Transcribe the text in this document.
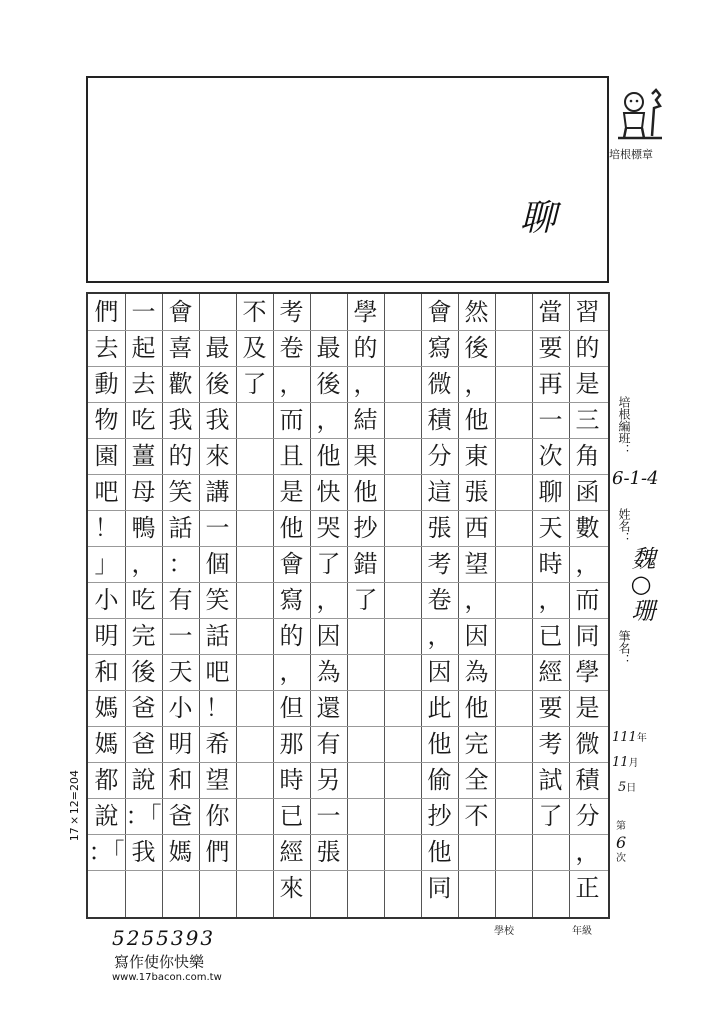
聊
培根標章
習
的
是
三
角
函
數
，
而
同
學
是
微
積
分
，
正
當
要
再
一
次
聊
天
時
，
已
經
要
考
試
了
然
後
，
他
東
張
西
望
，
因
為
他
完
全
不
會
寫
微
積
分
這
張
考
卷
，
因
此
他
偷
抄
他
同
學
的
，
結
果
他
抄
錯
了
最
後
，
他
快
哭
了
，
因
為
還
有
另
一
張
考
卷
，
而
且
是
他
會
寫
的
，
但
那
時
已
經
來
不
及
了
最
後
我
來
講
一
個
笑
話
吧
！
希
望
你
們
會
喜
歡
我
的
笑
話
：
有
一
天
小
明
和
爸
媽
一
起
去
吃
薑
母
鴨
，
吃
完
後
爸
爸
說
：「
我
們
去
動
物
園
吧
！
」
小
明
和
媽
媽
都
說
：「
17×12=204
培根編班：
6-1-4
姓名：
魏○珊
筆名：
111年
11月
5日
第
6
次
學校	年級
5255393
寫作使你快樂
www.17bacon.com.tw
